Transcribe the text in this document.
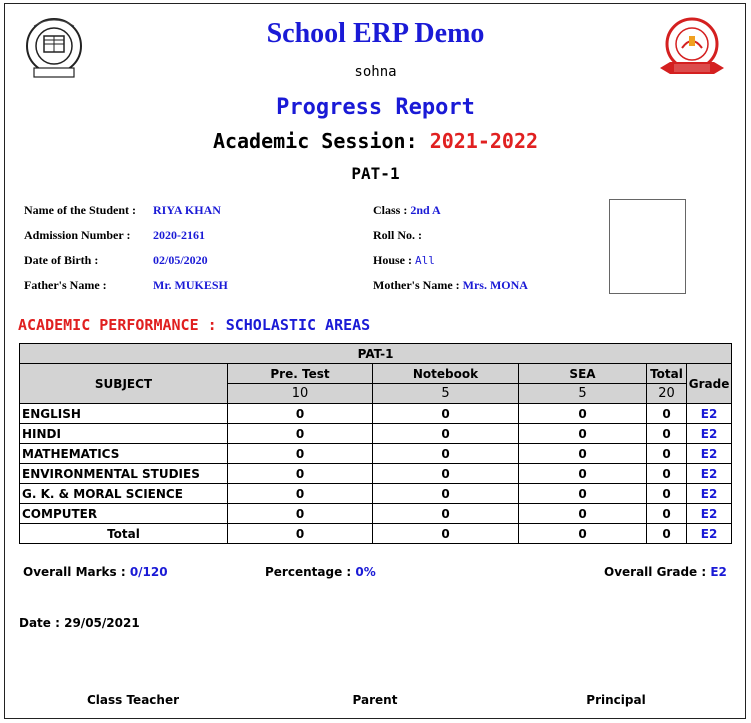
School ERP Demo
sohna
Progress Report
Academic Session: 2021-2022
PAT-1
Name of the Student : RIYA KHAN
Admission Number : 2020-2161
Date of Birth :	02/05/2020
Father's Name :	Mr. MUKESH
Class : 2nd A
Roll No. :
House : All
Mother's Name : Mrs. MONA
ACADEMIC PERFORMANCE : SCHOLASTIC AREAS
PAT-1					
SUBJECT	Pre. Test	Notebook	SEA	Total	Grade
	10	5	5	20	
ENGLISH	0	0	0	0	E2
HINDI	0	0	0	0	E2
MATHEMATICS	0	0	0	0	E2
ENVIRONMENTAL STUDIES	0	0	0	0	E2
G. K. & MORAL SCIENCE	0	0	0	0	E2
COMPUTER	0	0	0	0	E2
Total	0	0	0	0	E2
Overall Marks : 0/120	Percentage : 0%	Overall Grade : E2
Date : 29/05/2021
Class Teacher	Parent	Principal
